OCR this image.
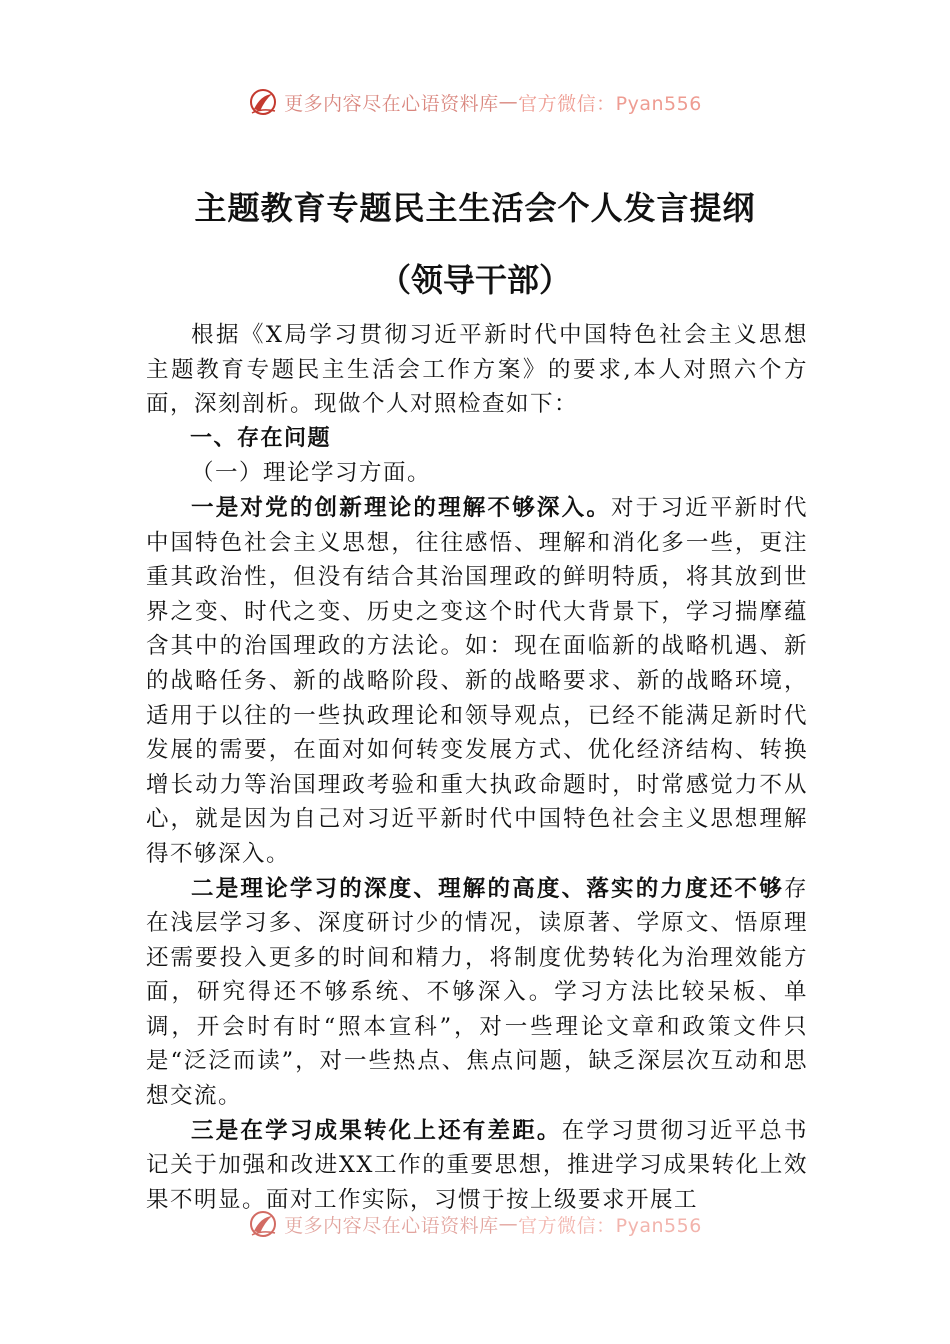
更多内容尽在心语资料库 — 官方微信：Pyan556
主题教育专题民主生活会个人发言提纲
（领导干部）

根据《X局学习贯彻习近平新时代中国特色社会主义思想主题教育专题民主生活会工作方案》的要求,本人对照六个方面，深刻剖析。现做个人对照检查如下：

一、存在问题

（一）理论学习方面。

一是对党的创新理论的理解不够深入。对于习近平新时代中国特色社会主义思想，往往感悟、理解和消化多一些，更注重其政治性，但没有结合其治国理政的鲜明特质，将其放到世界之变、时代之变、历史之变这个时代大背景下，学习揣摩蕴含其中的治国理政的方法论。如：现在面临新的战略机遇、新的战略任务、新的战略阶段、新的战略要求、新的战略环境，适用于以往的一些执政理论和领导观点，已经不能满足新时代发展的需要，在面对如何转变发展方式、优化经济结构、转换增长动力等治国理政考验和重大执政命题时，时常感觉力不从心，就是因为自己对习近平新时代中国特色社会主义思想理解得不够深入。

二是理论学习的深度、理解的高度、落实的力度还不够存在浅层学习多、深度研讨少的情况，读原著、学原文、悟原理还需要投入更多的时间和精力，将制度优势转化为治理效能方面，研究得还不够系统、不够深入。学习方法比较呆板、单调，开会时有时“照本宣科”，对一些理论文章和政策文件只是“泛泛而读”，对一些热点、焦点问题，缺乏深层次互动和思想交流。

三是在学习成果转化上还有差距。在学习贯彻习近平总书记关于加强和改进XX工作的重要思想，推进学习成果转化上效果不明显。面对工作实际，习惯于按上级要求开展工

更多内容尽在心语资料库 — 官方微信：Pyan556
